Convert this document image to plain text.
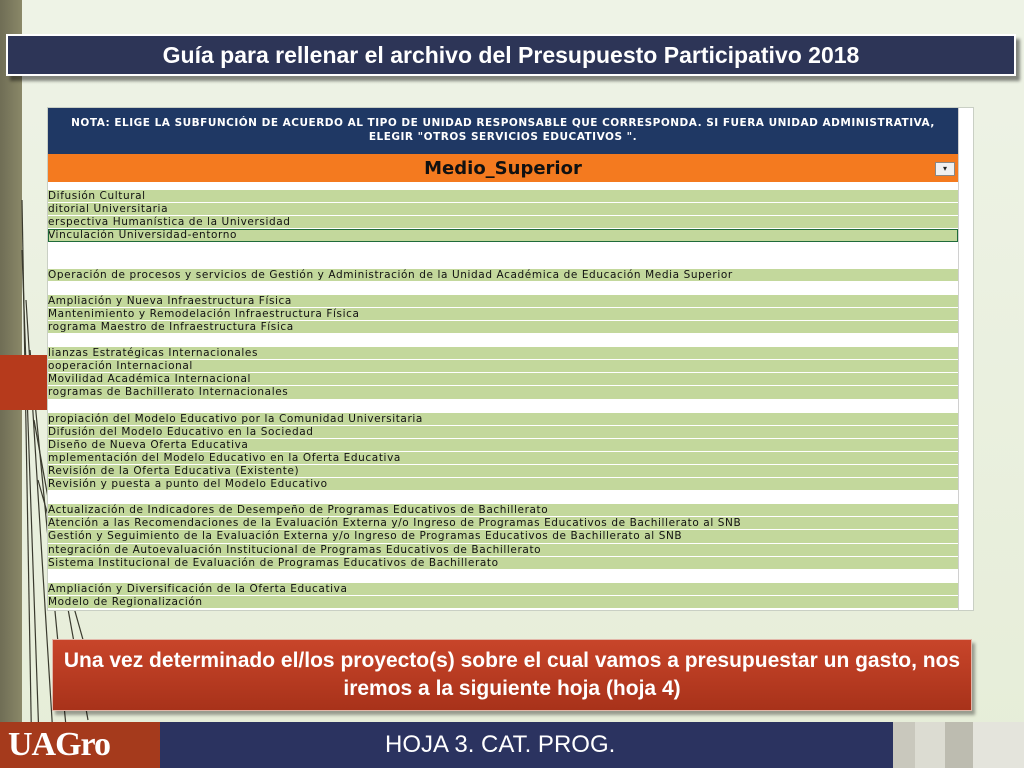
Guía para rellenar el archivo del Presupuesto Participativo 2018
NOTA: ELIGE LA SUBFUNCIÓN DE ACUERDO AL TIPO DE UNIDAD RESPONSABLE QUE CORRESPONDA. SI FUERA UNIDAD ADMINISTRATIVA, ELEGIR "OTROS SERVICIOS EDUCATIVOS ".
Medio_Superior	▾
Difusión Cultural
ditorial Universitaria
erspectiva Humanística de la Universidad
Vinculación Universidad-entorno
Operación de procesos y servicios de Gestión y Administración de la Unidad Académica de Educación Media Superior
Ampliación y Nueva Infraestructura Física
Mantenimiento y Remodelación Infraestructura Física
rograma Maestro de Infraestructura Física
lianzas Estratégicas Internacionales
ooperación Internacional
Movilidad Académica Internacional
rogramas de Bachillerato Internacionales
propiación del Modelo Educativo por la Comunidad Universitaria
Difusión del Modelo Educativo en la Sociedad
Diseño de Nueva Oferta Educativa
mplementación del Modelo Educativo en la Oferta Educativa
Revisión de la Oferta Educativa (Existente)
Revisión y puesta a punto del Modelo Educativo
Actualización de Indicadores de Desempeño de Programas Educativos de Bachillerato
Atención a las Recomendaciones de la Evaluación Externa y/o Ingreso de Programas Educativos de Bachillerato al SNB
Gestión y Seguimiento de la Evaluación Externa y/o Ingreso de Programas Educativos de Bachillerato al SNB
ntegración de Autoevaluación Institucional de Programas Educativos de Bachillerato
Sistema Institucional de Evaluación de Programas Educativos de Bachillerato
Ampliación y Diversificación de la Oferta Educativa
Modelo de Regionalización
Una vez determinado el/los proyecto(s) sobre el cual vamos a presupuestar un gasto, nos iremos a la siguiente hoja (hoja 4)
UAGro	HOJA 3. CAT. PROG.
